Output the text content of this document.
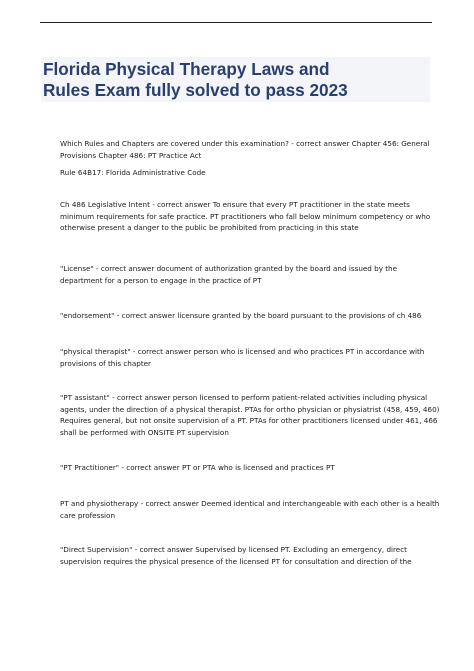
Florida Physical Therapy Laws and
Rules Exam fully solved to pass 2023

Which Rules and Chapters are covered under this examination? - correct answer Chapter 456: General
Provisions Chapter 486: PT Practice Act

Rule 64B17: Florida Administrative Code

Ch 486 Legislative Intent - correct answer To ensure that every PT practitioner in the state meets
minimum requirements for safe practice. PT practitioners who fall below minimum competency or who
otherwise present a danger to the public be prohibited from practicing in this state

"License" - correct answer document of authorization granted by the board and issued by the
department for a person to engage in the practice of PT

"endorsement" - correct answer licensure granted by the board pursuant to the provisions of ch 486

"physical therapist" - correct answer person who is licensed and who practices PT in accordance with
provisions of this chapter

"PT assistant" - correct answer person licensed to perform patient-related activities including physical
agents, under the direction of a physical therapist. PTAs for ortho physician or physiatrist (458, 459, 460)
Requires general, but not onsite supervision of a PT. PTAs for other practitioners licensed under 461, 466
shall be performed with ONSITE PT supervision

"PT Practitioner" - correct answer PT or PTA who is licensed and practices PT

PT and physiotherapy - correct answer Deemed identical and interchangeable with each other is a health
care profession

"Direct Supervision" - correct answer Supervised by licensed PT. Excluding an emergency, direct
supervision requires the physical presence of the licensed PT for consultation and direction of the
